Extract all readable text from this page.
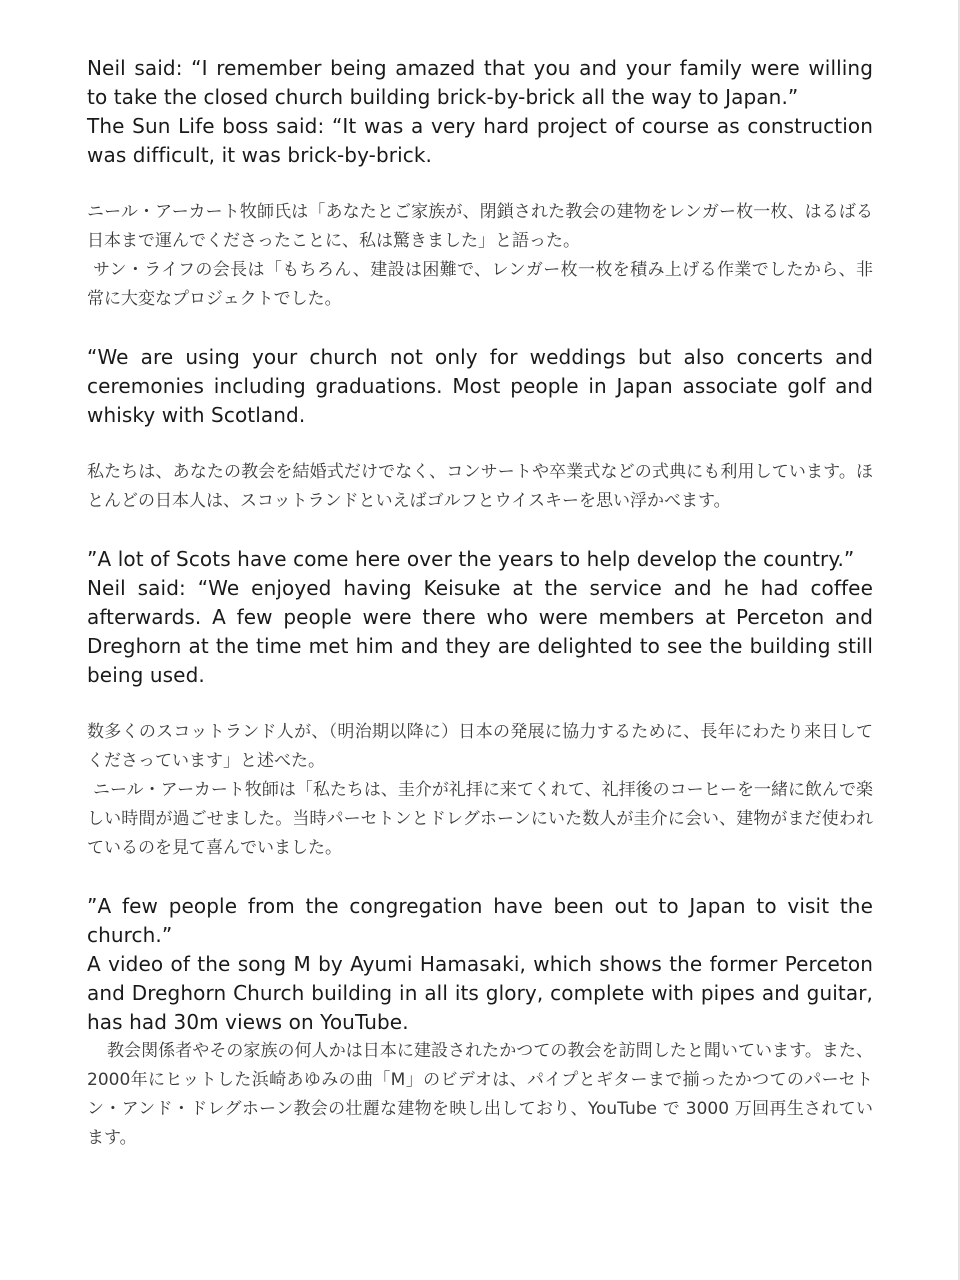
Neil said: “I remember being amazed that you and your family were willing to take the closed church building brick-by-brick all the way to Japan.”

The Sun Life boss said: “It was a very hard project of course as construction was difficult, it was brick-by-brick.

ニール・アーカート牧師氏は「あなたとご家族が、閉鎖された教会の建物をレンガー枚一枚、はるばる日本まで運んでくださったことに、私は驚きました」と語った。

サン・ライフの会長は「もちろん、建設は困難で、レンガー枚一枚を積み上げる作業でしたから、非常に大変なプロジェクトでした。

“We are using your church not only for weddings but also concerts and ceremonies including graduations. Most people in Japan associate golf and whisky with Scotland.

私たちは、あなたの教会を結婚式だけでなく、コンサートや卒業式などの式典にも利用しています。ほとんどの日本人は、スコットランドといえばゴルフとウイスキーを思い浮かべます。

”A lot of Scots have come here over the years to help develop the country.”

Neil said: “We enjoyed having Keisuke at the service and he had coffee afterwards. A few people were there who were members at Perceton and Dreghorn at the time met him and they are delighted to see the building still being used.

数多くのスコットランド人が、（明治期以降に）日本の発展に協力するために、長年にわたり来日してくださっています」と述べた。

ニール・アーカート牧師は「私たちは、圭介が礼拝に来てくれて、礼拝後のコーヒーを一緒に飲んで楽しい時間が過ごせました。当時パーセトンとドレグホーンにいた数人が圭介に会い、建物がまだ使われているのを見て喜んでいました。

”A few people from the congregation have been out to Japan to visit the church.”

A video of the song M by Ayumi Hamasaki, which shows the former Perceton and Dreghorn Church building in all its glory, complete with pipes and guitar, has had 30m views on YouTube.

教会関係者やその家族の何人かは日本に建設されたかつての教会を訪問したと聞いています。また、2000年にヒットした浜崎あゆみの曲「M」のビデオは、パイプとギターまで揃ったかつてのパーセトン・アンド・ドレグホーン教会の壮麗な建物を映し出しており、YouTube で 3000 万回再生されています。
